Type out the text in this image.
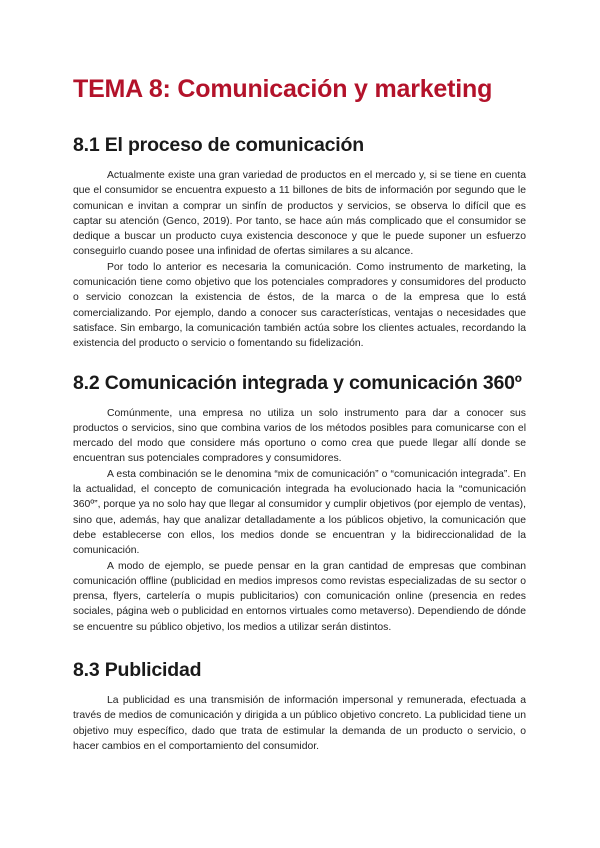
TEMA 8: Comunicación y marketing
8.1 El proceso de comunicación

Actualmente existe una gran variedad de productos en el mercado y, si se tiene en cuenta que el consumidor se encuentra expuesto a 11 billones de bits de información por segundo que le comunican e invitan a comprar un sinfín de productos y servicios, se observa lo difícil que es captar su atención (Genco, 2019). Por tanto, se hace aún más complicado que el consumidor se dedique a buscar un producto cuya existencia desconoce y que le puede suponer un esfuerzo conseguirlo cuando posee una infinidad de ofertas similares a su alcance.

Por todo lo anterior es necesaria la comunicación. Como instrumento de marketing, la comunicación tiene como objetivo que los potenciales compradores y consumidores del producto o servicio conozcan la existencia de éstos, de la marca o de la empresa que lo está comercializando. Por ejemplo, dando a conocer sus características, ventajas o necesidades que satisface. Sin embargo, la comunicación también actúa sobre los clientes actuales, recordando la existencia del producto o servicio o fomentando su fidelización.

8.2 Comunicación integrada y comunicación 360º

Comúnmente, una empresa no utiliza un solo instrumento para dar a conocer sus productos o servicios, sino que combina varios de los métodos posibles para comunicarse con el mercado del modo que considere más oportuno o como crea que puede llegar allí donde se encuentran sus potenciales compradores y consumidores.

A esta combinación se le denomina “mix de comunicación” o “comunicación integrada”. En la actualidad, el concepto de comunicación integrada ha evolucionado hacia la “comunicación 360º”, porque ya no solo hay que llegar al consumidor y cumplir objetivos (por ejemplo de ventas), sino que, además, hay que analizar detalladamente a los públicos objetivo, la comunicación que debe establecerse con ellos, los medios donde se encuentran y la bidireccionalidad de la comunicación.

A modo de ejemplo, se puede pensar en la gran cantidad de empresas que combinan comunicación offline (publicidad en medios impresos como revistas especializadas de su sector o prensa, flyers, cartelería o mupis publicitarios) con comunicación online (presencia en redes sociales, página web o publicidad en entornos virtuales como metaverso). Dependiendo de dónde se encuentre su público objetivo, los medios a utilizar serán distintos.

8.3 Publicidad

La publicidad es una transmisión de información impersonal y remunerada, efectuada a través de medios de comunicación y dirigida a un público objetivo concreto. La publicidad tiene un objetivo muy específico, dado que trata de estimular la demanda de un producto o servicio, o hacer cambios en el comportamiento del consumidor.
